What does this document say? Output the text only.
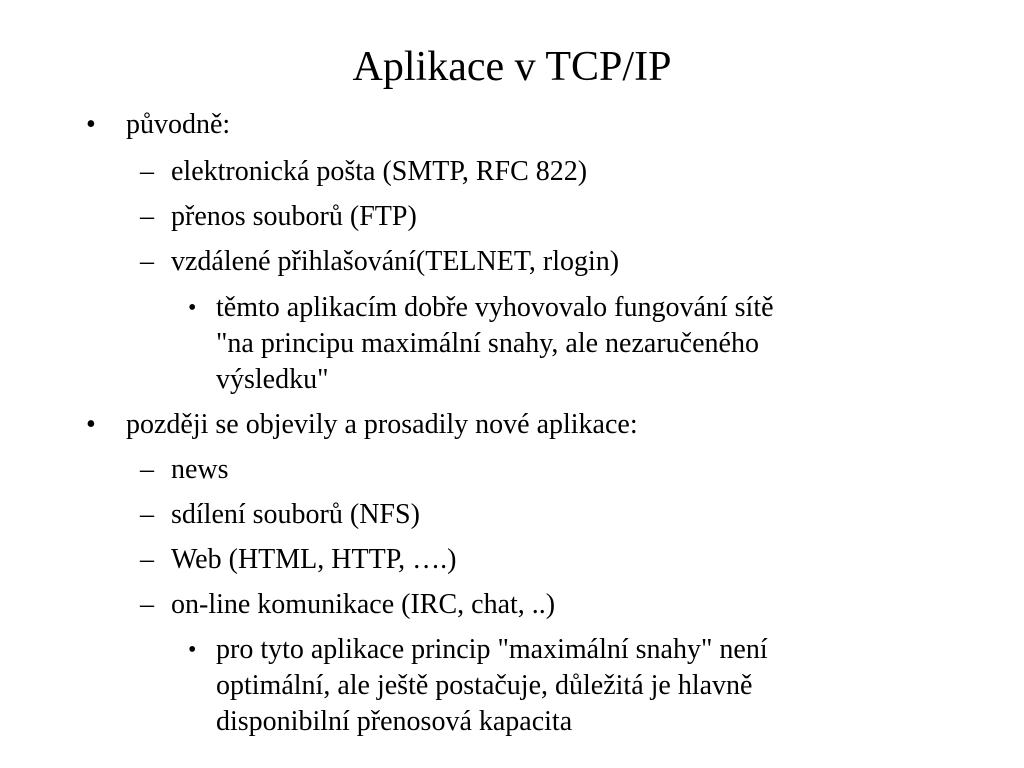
Aplikace v TCP/IP
• původně:
– elektronická pošta (SMTP, RFC 822)
– přenos souborů (FTP)
– vzdálené přihlašování(TELNET, rlogin)
• těmto aplikacím dobře vyhovovalo fungování sítě
"na principu maximální snahy, ale nezaručeného
výsledku"
• později se objevily a prosadily nové aplikace:
– news
– sdílení souborů (NFS)
– Web (HTML, HTTP, ….)
– on-line komunikace (IRC, chat, ..)
• pro tyto aplikace princip "maximální snahy" není
optimální, ale ještě postačuje, důležitá je hlavně
disponibilní přenosová kapacita
